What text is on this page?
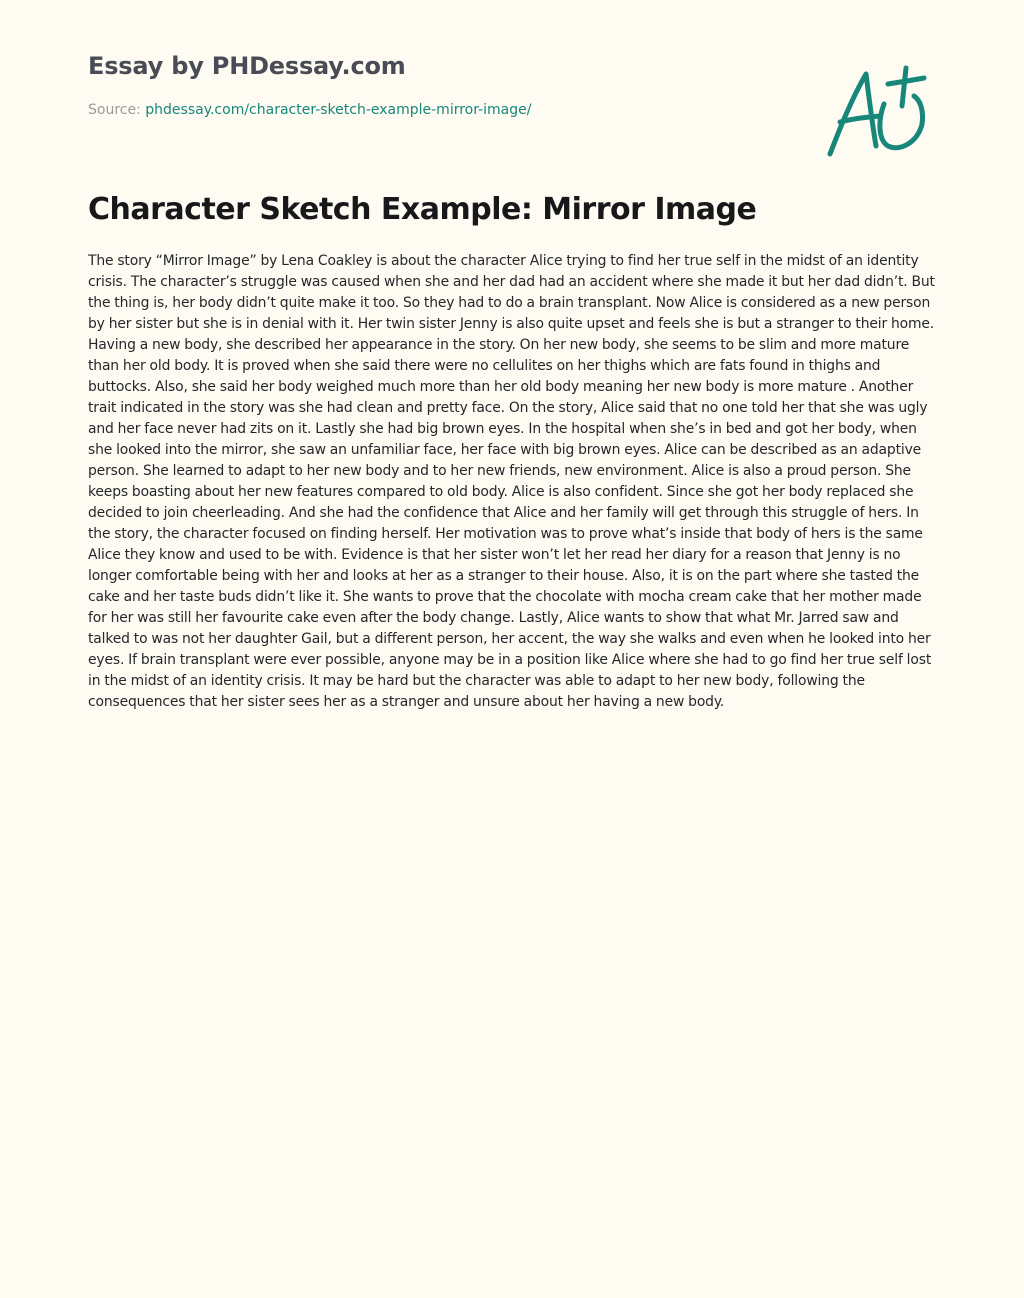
Essay by PHDessay.com
Source: phdessay.com/character-sketch-example-mirror-image/
Character Sketch Example: Mirror Image

The story “Mirror Image” by Lena Coakley is about the character Alice trying to find her true self in the midst of an identity crisis. The character’s struggle was caused when she and her dad had an accident where she made it but her dad didn’t. But the thing is, her body didn’t quite make it too. So they had to do a brain transplant. Now Alice is considered as a new person by her sister but she is in denial with it. Her twin sister Jenny is also quite upset and feels she is but a stranger to their home. Having a new body, she described her appearance in the story. On her new body, she seems to be slim and more mature than her old body. It is proved when she said there were no cellulites on her thighs which are fats found in thighs and buttocks. Also, she said her body weighed much more than her old body meaning her new body is more mature . Another trait indicated in the story was she had clean and pretty face. On the story, Alice said that no one told her that she was ugly and her face never had zits on it. Lastly she had big brown eyes. In the hospital when she’s in bed and got her body, when she looked into the mirror, she saw an unfamiliar face, her face with big brown eyes. Alice can be described as an adaptive person. She learned to adapt to her new body and to her new friends, new environment. Alice is also a proud person. She keeps boasting about her new features compared to old body. Alice is also confident. Since she got her body replaced she decided to join cheerleading. And she had the confidence that Alice and her family will get through this struggle of hers. In the story, the character focused on finding herself. Her motivation was to prove what’s inside that body of hers is the same Alice they know and used to be with. Evidence is that her sister won’t let her read her diary for a reason that Jenny is no longer comfortable being with her and looks at her as a stranger to their house. Also, it is on the part where she tasted the cake and her taste buds didn’t like it. She wants to prove that the chocolate with mocha cream cake that her mother made for her was still her favourite cake even after the body change. Lastly, Alice wants to show that what Mr. Jarred saw and talked to was not her daughter Gail, but a different person, her accent, the way she walks and even when he looked into her eyes. If brain transplant were ever possible, anyone may be in a position like Alice where she had to go find her true self lost in the midst of an identity crisis. It may be hard but the character was able to adapt to her new body, following the consequences that her sister sees her as a stranger and unsure about her having a new body.
